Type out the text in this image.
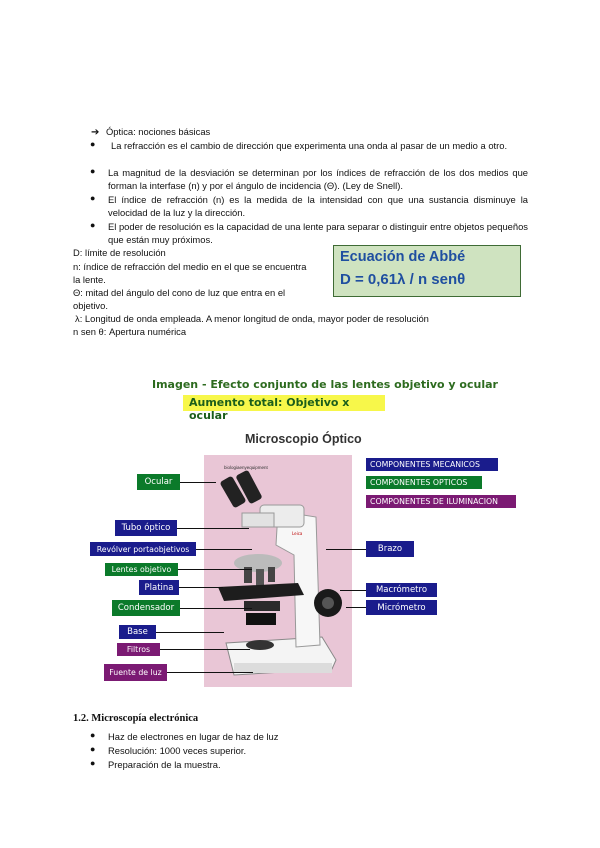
➔ Óptica: nociones básicas
●	La refracción es el cambio de dirección que experimenta una onda al pasar de un medio a otro.
● La magnitud de la desviación se determinan por los índices de refracción de los dos medios que forman la interfase (n) y por el ángulo de incidencia (Θ). (Ley de Snell).
● El índice de refracción (n) es la medida de la intensidad con que una sustancia disminuye la velocidad de la luz y la dirección.
● El poder de resolución es la capacidad de una lente para separar o distinguir entre objetos pequeños que están muy próximos.
D: límite de resolución
n: índice de refracción del medio en el que se encuentra
la lente.
Θ: mitad del ángulo del cono de luz que entra en el
objetivo.
λ: Longitud de onda empleada. A menor longitud de onda, mayor poder de resolución
n sen θ: Apertura numérica
Ecuación de Abbé
D = 0,61λ / n senθ
Imagen - Efecto conjunto de las lentes objetivo y ocular
Aumento total: Objetivo x ocular
Microscopio Óptico
Leica
biologiaenyequipment	COMPONENTES MECANICOS
COMPONENTES OPTICOS
COMPONENTES DE ILUMINACION
Ocular
Tubo óptico
Revólver portaobjetivos
Lentes objetivo
Platina
Condensador
Base
Filtros
Fuente de luz
Brazo
Macrómetro
Micrómetro
1.2. Microscopía electrónica
● Haz de electrones en lugar de haz de luz
● Resolución: 1000 veces superior.
● Preparación de la muestra.
